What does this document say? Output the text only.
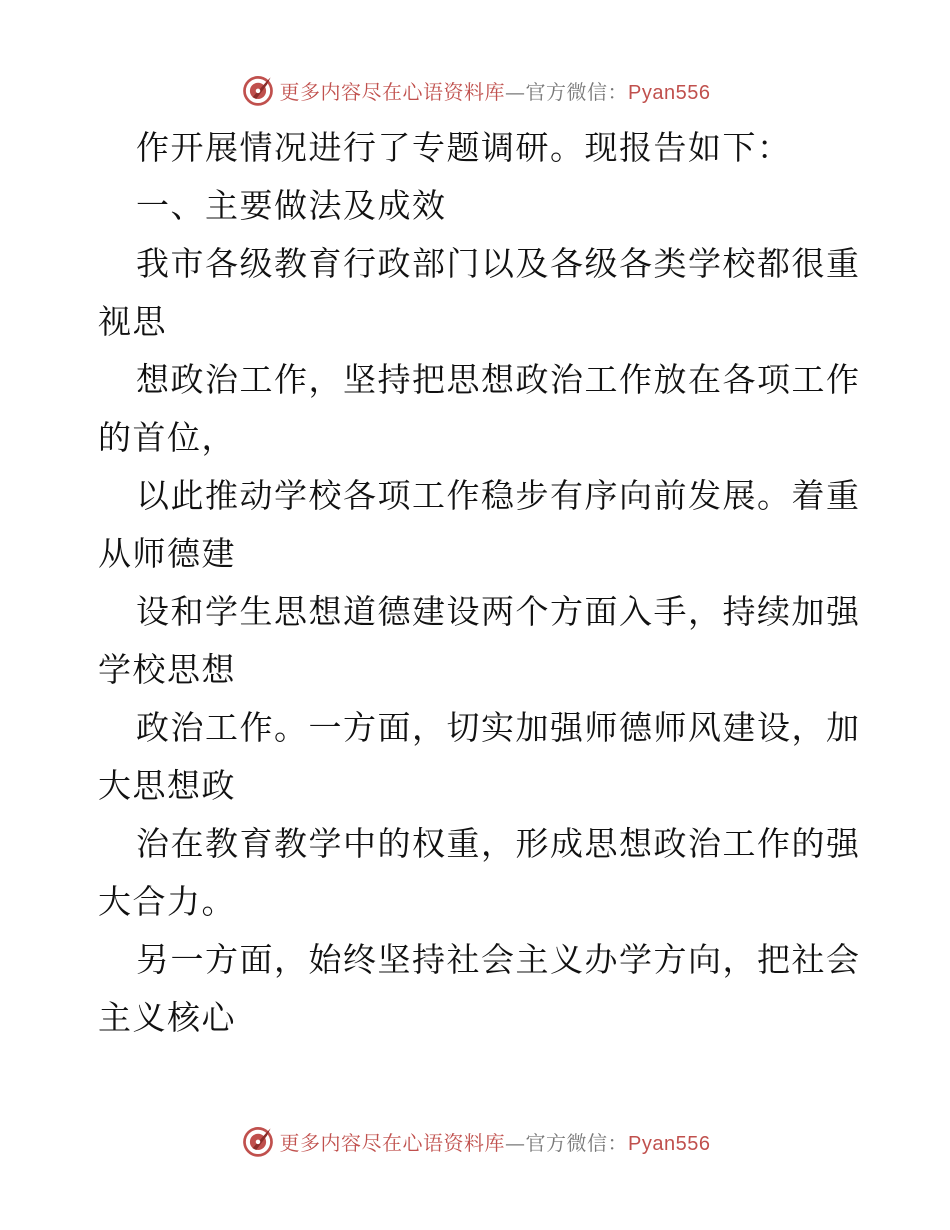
更多内容尽在心语资料库—官方微信：Pyan556
作开展情况进行了专题调研。现报告如下：
一、主要做法及成效
我市各级教育行政部门以及各级各类学校都很重
视思
想政治工作，坚持把思想政治工作放在各项工作
的首位，
以此推动学校各项工作稳步有序向前发展。着重
从师德建
设和学生思想道德建设两个方面入手，持续加强
学校思想
政治工作。一方面，切实加强师德师风建设，加
大思想政
治在教育教学中的权重，形成思想政治工作的强
大合力。
另一方面，始终坚持社会主义办学方向，把社会
主义核心
更多内容尽在心语资料库—官方微信：Pyan556
